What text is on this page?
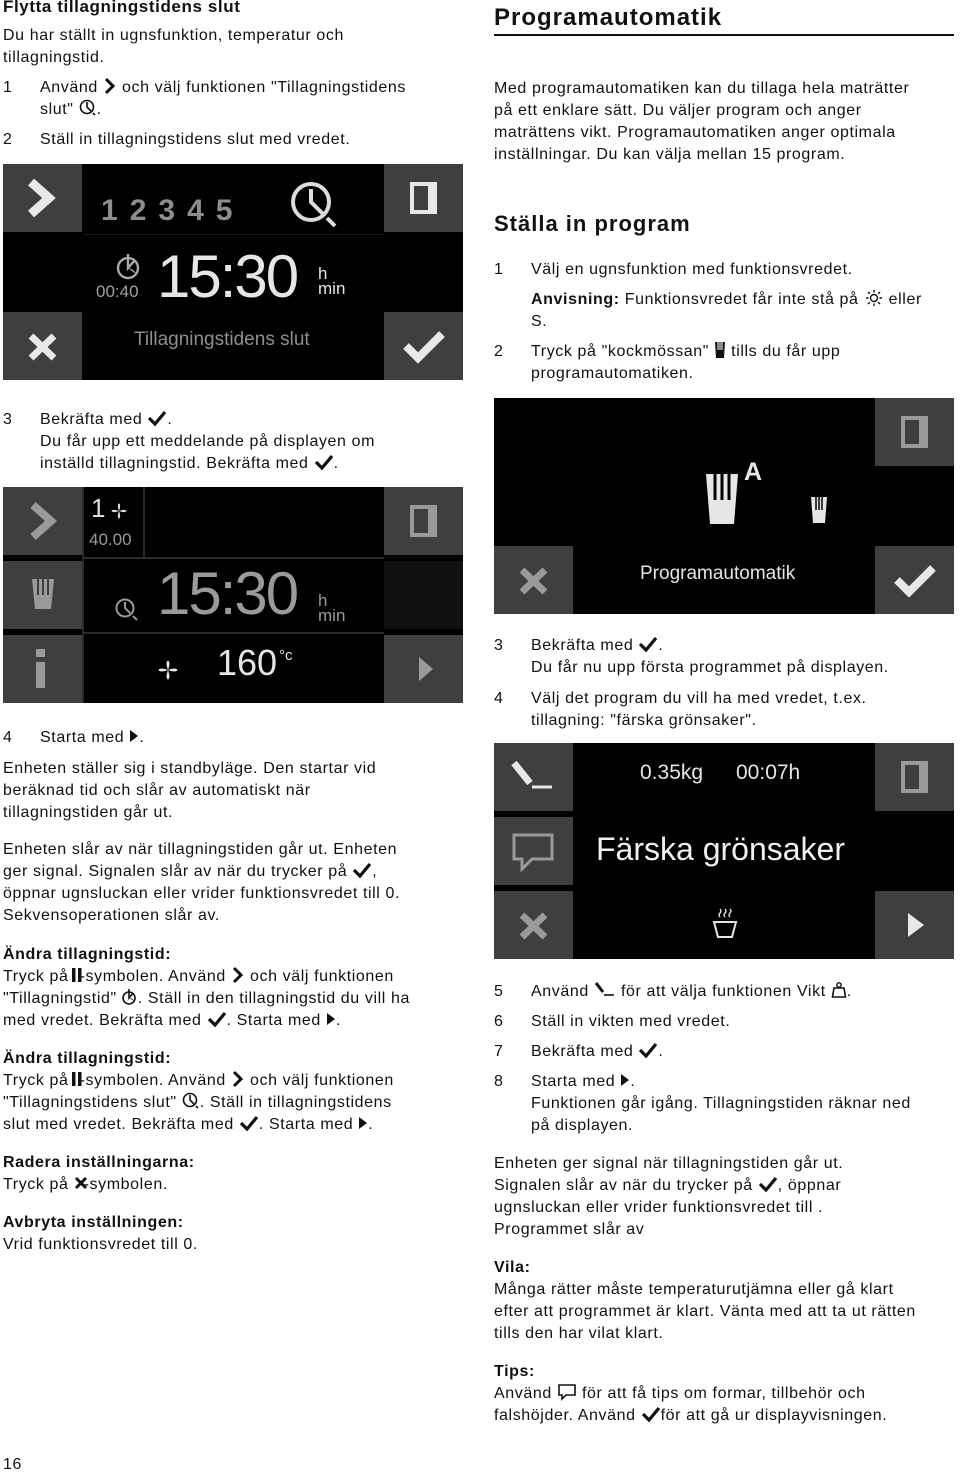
Flytta tillagningstidens slut
Du har ställt in ugnsfunktion, temperatur och
tillagningstid.
1 Använd och välj funktionen "Tillagningstidens
slut" .
2 Ställ in tillagningstidens slut med vredet.
12345
00:40 15:30 h
min
Tillagningstidens slut
3 Bekräfta med .
Du får upp ett meddelande på displayen om
inställd tillagningstid. Bekräfta med .
1
40.00
15:30 h
min
160 °c
4 Starta med .
Enheten ställer sig i standbyläge. Den startar vid
beräknad tid och slår av automatiskt när
tillagningstiden går ut.
Enheten slår av när tillagningstiden går ut. Enheten
ger signal. Signalen slår av när du trycker på ,
öppnar ugnsluckan eller vrider funktionsvredet till 0.
Sekvensoperationen slår av.
Ändra tillagningstid:
Tryck på -symbolen. Använd och välj funktionen
"Tillagningstid" . Ställ in den tillagningstid du vill ha
med vredet. Bekräfta med . Starta med .
Ändra tillagningstid:
Tryck på -symbolen. Använd och välj funktionen
"Tillagningstidens slut" . Ställ in tillagningstidens
slut med vredet. Bekräfta med . Starta med .
Radera inställningarna:
Tryck på -symbolen.
Avbryta inställningen:
Vrid funktionsvredet till 0.
16
Programautomatik
Med programautomatiken kan du tillaga hela maträtter
på ett enklare sätt. Du väljer program och anger
maträttens vikt. Programautomatiken anger optimala
inställningar. Du kan välja mellan 15 program.
Ställa in program
1 Välj en ugnsfunktion med funktionsvredet.
Anvisning: Funktionsvredet får inte stå på eller
S.
2 Tryck på "kockmössan" tills du får upp
programautomatiken.
A
Programautomatik
3 Bekräfta med .
Du får nu upp första programmet på displayen.
4 Välj det program du vill ha med vredet, t.ex.
tillagning: "färska grönsaker".
0.35kg 00:07h
Färska grönsaker
5 Använd för att välja funktionen Vikt .
6 Ställ in vikten med vredet.
7 Bekräfta med .
8 Starta med .
Funktionen går igång. Tillagningstiden räknar ned
på displayen.
Enheten ger signal när tillagningstiden går ut.
Signalen slår av när du trycker på , öppnar
ugnsluckan eller vrider funktionsvredet till .
Programmet slår av
Vila:
Många rätter måste temperaturutjämna eller gå klart
efter att programmet är klart. Vänta med att ta ut rätten
tills den har vilat klart.
Tips:
Använd för att få tips om formar, tillbehör och
falshöjder. Använd för att gå ur displayvisningen.
